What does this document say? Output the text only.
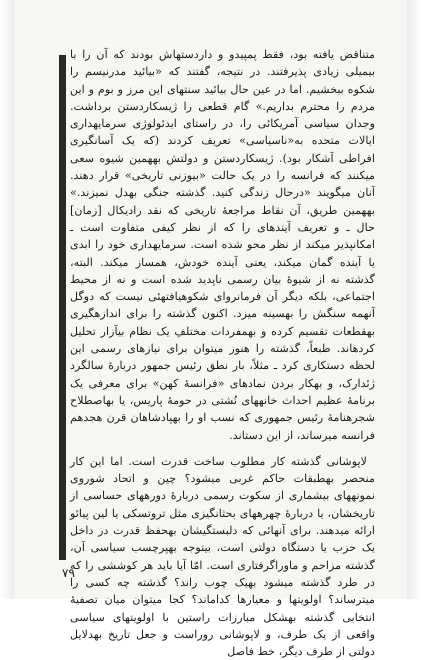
متناقض یافته بود، فقط پمپیدو و داردستهاش بودند که آن را با بیمیلی زیادی پذیرفتند. در نتیجه، گفتند که «بیائید مدرنیسم را شکوه ببخشیم. اما در عین حال بیائید سنتهای این مرز و بوم و این مردم را محترم بداریم.» گام قطعی را ژیسکاردستن برداشت. وجدان سیاسی آمریکائی را، در راستای ایدئولوژی سرمایهداری ایالات متحده به«ناسیاسی» تعریف کردند (که یک آسانگیری افراطی آشکار بود). ژیسکاردستن و دولتش بههمین شیوه سعی میکنند که فرانسه را در یک حالت «بیوزنی تاریخی» قرار دهند. آنان میگویند «درحال زندگی کنید. گذشته جنگی بهدل نمیزند.» بههمین طریق، آن نقاط مراجعهٔ تاریخی که نقد رادیکال [زمان] حال ـ و تعریف آیندهای را که از نظر کیفی متفاوت است ـ امکانپذیر میکند از نظر محو شده است. سرمایهداری خود را ابدی یا آینده گمان میکند، یعنی آینده خودش، همساز میکند. البته، گذشته نه از شیوهٔ بیان رسمی ناپدید شده است و نه از محیط اجتماعی، بلکه دیگر آن فرمانروای شکوهیافتهئی نیست که دوگل آنهمه سنگش را بهسینه میزد. اکنون گذشته را برای اندازهگیری بهقطعات تقسیم کرده و بهمفردات مختلفِ یک نظام بیآزار تحلیل کردهاند. طبعاً، گذشته را هنوز میتوان برای نیازهای رسمی این لحظه دستکاری کرد ـ مثلاً، بار نطق رئیس جمهور دربارهٔ سالگرد ژئدارک، و بهکار بردن نمادهای «فرانسهٔ کهن» برای معرفی یک برنامهٔ عظیم احداث خانههای نُشتی در حومهٔ پاریس، یا بهاصطلاح شجرهنامهٔ رئیس جمهوری که نسب او را بهپادشاهان قرن هجدهم فرانسه میرساند، از این دستاند.

لاپوشانی گذشته کار مطلوب ساخت قدرت است. اما این کار منحصر بهطبقات حاکم غربی میشود؟ چین و اتحاد شوروی نمونههای بیشماری از سکوت رسمی دربارهٔ دورههای حساسی از تاریخشان، یا دربارهٔ چهرههای بحثانگیزی مثل تروتسکی یا لین پیائو ارائه میدهند. برای آنهائی که دلبستگیشان بهحفظ قدرت در داخل یک حزب یا دستگاه دولتی است، بیتوجه بهپرچسب سیاسی آن، گذشته مزاحم و ماوراگرفتاری است. امّا آیا باید هر کوششی را که در طرد گذشته میشود بهیک چوب راند؟ گذشته چه کسی را میترساند؟ اولویتها و معیارها کداماند؟ کجا میتوان میان تصفیهٔ انتخابی گذشته بهشکل مبارزات راستین با اولویتهای سیاسی واقعی از یک طرف، و لاپوشانی روراست و جعل تاریخ بهدلایل دولتی از طرف دیگر، خط فاصل

۷۹
